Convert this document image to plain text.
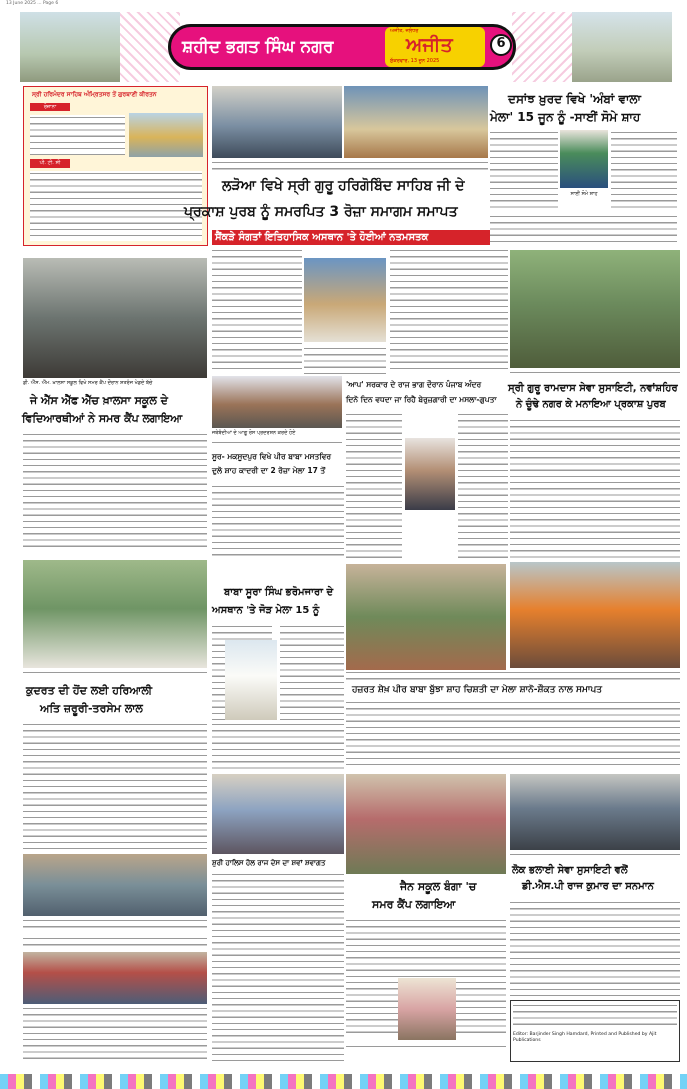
13 June 2025 ... Page 6
ਸ਼ਹੀਦ ਭਗਤ ਸਿੰਘ ਨਗਰ
ਅਜੀਤ, ਜਲੰਧਰ
ਅਜੀਤ
ਸ਼ੁੱਕਰਵਾਰ, 13 ਜੂਨ 2025
6
ਸ੍ਰੀ ਹਰਿਮੰਦਰ ਸਾਹਿਬ ਅੰਮ੍ਰਿਤਸਰ ਤੋਂ ਗੁਰਬਾਣੀ ਕੀਰਤਨ
ਰੋਜ਼ਾਨਾ
ਪੀ. ਟੀ. ਸੀ
ਲੜੋਆ ਵਿਖੇ ਸ੍ਰੀ ਗੁਰੂ ਹਰਿਗੋਬਿੰਦ ਸਾਹਿਬ ਜੀ ਦੇ
ਪ੍ਰਕਾਸ਼ ਪੁਰਬ ਨੂੰ ਸਮਰਪਿਤ 3 ਰੋਜ਼ਾ ਸਮਾਗਮ ਸਮਾਪਤ
ਸੈਂਕੜੇ ਸੰਗਤਾਂ ਇਤਿਹਾਸਿਕ ਅਸਥਾਨ 'ਤੇ ਹੋਈਆਂ ਨਤਮਸਤਕ
ਦਸਾਂਝ ਖ਼ੁਰਦ ਵਿਖੇ 'ਅੰਬਾਂ ਵਾਲਾ
ਮੇਲਾ' 15 ਜੂਨ ਨੂੰ -ਸਾਈਂ ਸੋਮੇ ਸ਼ਾਹ
ਸਾਈਂ ਸੋਮੇ ਸ਼ਾਹ
ਡੀ. ਐੱਸ. ਐੱਮ. ਖ਼ਾਲਸਾ ਸਕੂਲ ਵਿਖੇ ਸਮਰ ਕੈਂਪ ਦੌਰਾਨ ਸ਼ਤਰੰਜ ਖੇਡਦੇ ਬੱਚੇ
ਜੇ ਐੱਸ ਐੱਫ ਐੱਚ ਖ਼ਾਲਸਾ ਸਕੂਲ ਦੇ
ਵਿਦਿਆਰਥੀਆਂ ਨੇ ਸਮਰ ਕੈਂਪ ਲਗਾਇਆ
ਸ੍ਰੀ ਗੁਰੂ ਰਾਮਦਾਸ ਸੇਵਾ ਸੁਸਾਇਟੀ, ਨਵਾਂਸ਼ਹਿਰ
ਨੇ ਚੂੰਢੇ ਨਗਰ ਕੇ ਮਨਾਇਆ ਪ੍ਰਕਾਸ਼ ਪੁਰਬ
ਜਥੇਬੰਦੀਆਂ ਦੇ ਆਗੂ ਰੋਸ ਪ੍ਰਦਰਸ਼ਨ ਕਰਦੇ ਹੋਏ
'ਆਪ' ਸਰਕਾਰ ਦੇ ਰਾਜ ਭਾਗ ਦੌਰਾਨ ਪੰਜਾਬ ਅੰਦਰ
ਦਿਨੋ ਦਿਨ ਵਧਦਾ ਜਾ ਰਿਹੈ ਬੇਰੁਜ਼ਗਾਰੀ ਦਾ ਮਸਲਾ-ਗੁਪਤਾ
ਸੂਰ- ਮਕਸੂਦਪੁਰ ਵਿਖੇ ਪੀਰ ਬਾਬਾ ਮਸਤਵਿਰ
ਦੁਲੋ ਸ਼ਾਹ ਕਾਦਰੀ ਦਾ 2 ਰੋਜ਼ਾ ਮੇਲਾ 17 ਤੋਂ
ਕੁਦਰਤ ਦੀ ਹੋਂਦ ਲਈ ਹਰਿਆਲੀ
ਅਤਿ ਜ਼ਰੂਰੀ-ਤਰਸੇਮ ਲਾਲ
ਬਾਬਾ ਸੂਰਾ ਸਿੰਘ ਭਰੋਮਜਾਰਾ ਦੇ
ਅਸਥਾਨ 'ਤੇ ਜੋੜ ਮੇਲਾ 15 ਨੂੰ
ਹਜ਼ਰਤ ਸ਼ੇਖ਼ ਪੀਰ ਬਾਬਾ ਬੁੱਝਾ ਸ਼ਾਹ ਚਿਸ਼ਤੀ ਦਾ ਮੇਲਾ ਸ਼ਾਨੋ-ਸ਼ੌਕਤ ਨਾਲ ਸਮਾਪਤ
ਸ਼ੁਰੀ ਹਾਲਿਸ ਹੋਲ ਰਾਜ ਦੇਸ ਦਾ ਸ਼ਵਾਂ ਸ਼ਵਾਗਤ
ਜੈਨ ਸਕੂਲ ਬੰਗਾ 'ਚ
ਸਮਰ ਕੈਂਪ ਲਗਾਇਆ
ਲੋਕ ਭਲਾਈ ਸੇਵਾ ਸੁਸਾਇਟੀ ਵਲੋਂ
ਡੀ.ਐਸ.ਪੀ ਰਾਜ ਕੁਮਾਰ ਦਾ ਸਨਮਾਨ
Editor: Barjinder Singh Hamdard, Printed and Published by Ajit Publications
